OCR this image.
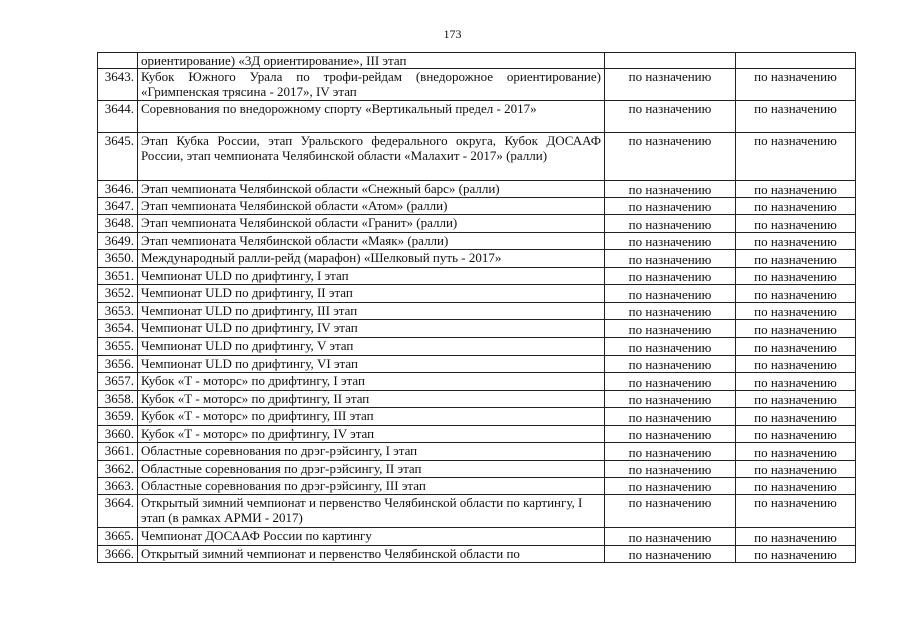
173
	ориентирование) «3Д ориентирование», III этап		
3643.	Кубок Южного Урала по трофи-рейдам (внедорожное ориентирование) «Гримпенская трясина - 2017», IV этап	по назначению	по назначению
3644.	Соревнования по внедорожному спорту «Вертикальный предел - 2017»	по назначению	по назначению
3645.	Этап Кубка России, этап Уральского федерального округа, Кубок ДОСААФ России, этап чемпионата Челябинской области «Малахит - 2017» (ралли)	по назначению	по назначению
3646.	Этап чемпионата Челябинской области «Снежный барс» (ралли)	по назначению	по назначению
3647.	Этап чемпионата Челябинской области «Атом» (ралли)	по назначению	по назначению
3648.	Этап чемпионата Челябинской области «Гранит» (ралли)	по назначению	по назначению
3649.	Этап чемпионата Челябинской области «Маяк» (ралли)	по назначению	по назначению
3650.	Международный ралли-рейд (марафон) «Шелковый путь - 2017»	по назначению	по назначению
3651.	Чемпионат ULD по дрифтингу, I этап	по назначению	по назначению
3652.	Чемпионат ULD по дрифтингу, II этап	по назначению	по назначению
3653.	Чемпионат ULD по дрифтингу, III этап	по назначению	по назначению
3654.	Чемпионат ULD по дрифтингу, IV этап	по назначению	по назначению
3655.	Чемпионат ULD по дрифтингу, V этап	по назначению	по назначению
3656.	Чемпионат ULD по дрифтингу, VI этап	по назначению	по назначению
3657.	Кубок «Т - моторс» по дрифтингу, I этап	по назначению	по назначению
3658.	Кубок «Т - моторс» по дрифтингу, II этап	по назначению	по назначению
3659.	Кубок «Т - моторс» по дрифтингу, III этап	по назначению	по назначению
3660.	Кубок «Т - моторс» по дрифтингу, IV этап	по назначению	по назначению
3661.	Областные соревнования по дрэг-рэйсингу, I этап	по назначению	по назначению
3662.	Областные соревнования по дрэг-рэйсингу, II этап	по назначению	по назначению
3663.	Областные соревнования по дрэг-рэйсингу, III этап	по назначению	по назначению
3664.	Открытый зимний чемпионат и первенство Челябинской области по картингу, I этап (в рамках АРМИ - 2017)	по назначению	по назначению
3665.	Чемпионат ДОСААФ России по картингу	по назначению	по назначению
3666.	Открытый зимний чемпионат и первенство Челябинской области по	по назначению	по назначению
